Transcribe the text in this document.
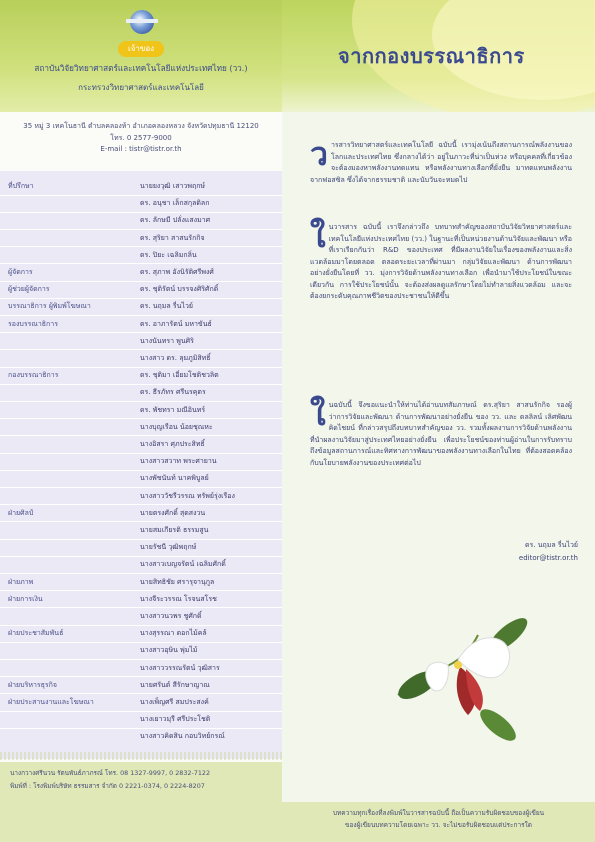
เจ้าของ
สถาบันวิจัยวิทยาศาสตร์และเทคโนโลยีแห่งประเทศไทย (วว.)
กระทรวงวิทยาศาสตร์และเทคโนโลยี
35 หมู่ 3 เทคโนธานี ตำบลคลองห้า อำเภอคลองหลวง จังหวัดปทุมธานี 12120
โทร. 0 2577-9000
E-mail : tistr@tistr.or.th
ที่ปรึกษา	นายยงวุฒิ เสาวพฤกษ์
ดร. อนุชา เล็กสกุลดิลก
ดร. ลักษมี ปลั่งแสงมาศ
ดร. สุริยา สาสนรักกิจ
ดร. ปิยะ เฉลิมกลิ่น
ผู้จัดการ	ดร. สุภาพ อังนิรัติศรีพงศ์
ผู้ช่วยผู้จัดการ	ดร. ชุติรัตน์ บรรจงศิริศักดิ์
บรรณาธิการ ผู้พิมพ์โฆษณา	ดร. นฤมล รื่นไวย์
รองบรรณาธิการ	ดร. อาภารัตน์ มหาขันธ์
นางนันทรา พูนศิริ
นางสาว ดร. ลุมภูมิสิทธิ์
กองบรรณาธิการ	ดร. ชุติมา เอี่ยมโชติชวลิต
ดร. ธีรภัทร ศรีนรคุตร
ดร. พัชทรา มณีอินทร์
นางบุญเรือน น้อยชุณหะ
นางอิสรา ศุภประสิทธิ์
นางสาวสวาท พระศายาน
นางพัชนันท์ นาคพิบูลย์
นางสาววัชรีวรรณ ทรัพย์รุ่งเรือง
ฝ่ายศิลป์	นายตรงศักดิ์ สุดสงวน
นายสมเกียรติ ธรรมสูน
นายรัชนี วุฒิพฤกษ์
นางสาวเบญจรัตน์ เฉลิมศักดิ์
ฝ่ายภาพ	นายสิทธิชัย ศรารุจานุกูล
ฝ่ายการเงิน	นางจีระวรรณ โรจนสโรช
นางสาวนวพร ชูศักดิ์
ฝ่ายประชาสัมพันธ์	นางสุรรณา ดอกไม้คล้
นางสาวอุษิน พุ่มไม้
นางสาววรรณรัตน์ วุฒิสาร
ฝ่ายบริหารธุรกิจ	นายศรันต์ สีรักษาญาณ
ฝ่ายประสานงานและโฆษณา	นางเพ็ญศรี สมประสงค์
นางเยาวมุรี ศรีประโชติ
นางสาวคิดสิน กอบวิทย์กรณ์
นางกวางศรีนวน รัตนพันธ์ภาภรณ์ โทร. 08 1327-9997, 0 2832-7122
พิมพ์ที่ : โรงพิมพ์บริษัท ธรรมสาร จำกัด 0 2221-0374, 0 2224-8207
จากกองบรรณาธิการ
วารสารวิทยาศาสตร์และเทคโนโลยี ฉบับนี้ เรามุ่งเน้นถึงสถานการณ์พลังงานของโลกและประเทศไทย ซึ่งกลางได้ว่า อยู่ในภาวะที่น่าเป็นห่วง หรือบุคคลที่เกี่ยวข้อง จะต้องมองหาพลังงานทดแทน หรือพลังงานทางเลือกที่ยั่งยืน มาทดแทนพลังงานจากฟอสซิล ซึ่งได้จากธรรมชาติ และนับวันจะหมดไป
ในวารสาร ฉบับนี้ เราจึงกล่าวถึง บทบาทสำคัญของสถาบันวิจัยวิทยาศาสตร์และเทคโนโลยีแห่งประเทศไทย (วว.) ในฐานะที่เป็นหน่วยงานด้านวิจัยและพัฒนา หรือที่เราเรียกกันว่า R&D ของประเทศ ที่มีผลงานวิจัยในเรื่องของพลังงานและสิ่งแวดล้อมมาโดยตลอด ตลอดระยะเวลาที่ผ่านมา กลุ่มวิจัยและพัฒนา ด้านการพัฒนาอย่างยั่งยืนโดยที่ วว. มุ่งการวิจัยด้านพลังงานทางเลือก เพื่อนำมาใช้ประโยชน์ในขณะเดียวกัน การใช้ประโยชน์นั้น จะต้องส่งผลดูแลรักษาโดยไม่ทำลายสิ่งแวดล้อม และจะต้องยกระดับคุณภาพชีวิตของประชาชนให้ดีขึ้น
ในฉบับนี้ จึงขอแนะนำให้ท่านได้อ่านบทสัมภาษณ์ ดร.สุริยา สาสนรักกิจ รองผู้ว่าการวิจัยและพัฒนา ด้านการพัฒนาอย่างยั่งยืน ของ วว. และ ดลลิลน์ เลิศพัฒนคิดไชยน์ ที่กล่าวสรุปถึงบทบาทสำคัญของ วว. รวมทั้งผลงานการวิจัยด้านพลังงาน ที่นำผลงานวิจัยมาสู่ประเทศไทยอย่างยั่งยืน เพื่อประโยชน์ของท่านผู้อ่านในการรับทราบถึงข้อมูลสถานการณ์และทิศทางการพัฒนาของพลังงานทางเลือกในไทย ที่ต้องสอดคล้องกับนโยบายพลังงานของประเทศต่อไป
ดร. นฤมล รื่นไวย์
editor@tistr.or.th
บทความทุกเรื่องที่ลงพิมพ์ในวารสารฉบับนี้ ถือเป็นความรับผิดชอบของผู้เขียน
ของผู้เขียนบทความโดยเฉพาะ วว. จะไม่ขอรับผิดชอบแต่ประการใด
